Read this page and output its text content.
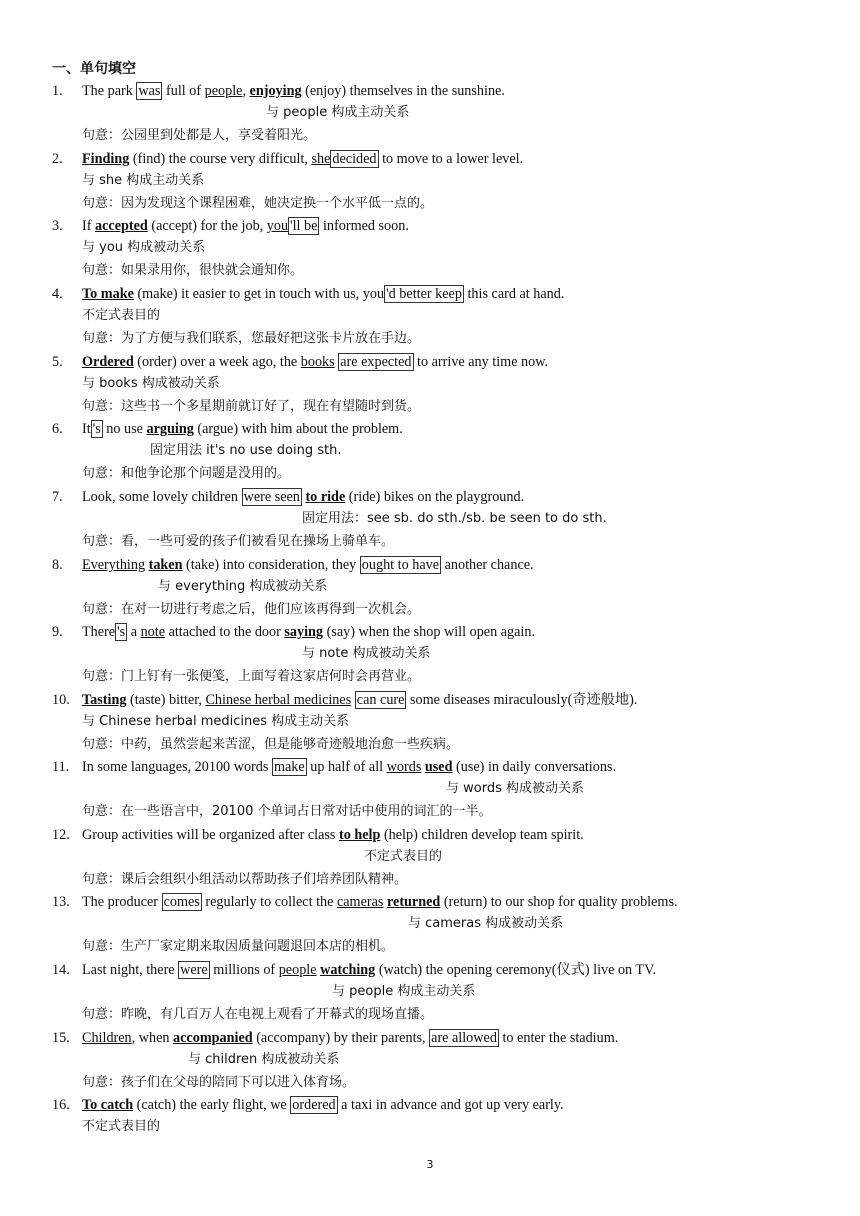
一、单句填空
1. The park was full of people, enjoying (enjoy) themselves in the sunshine.
与 people 构成主动关系
句意：公园里到处都是人，享受着阳光。
2. Finding (find) the course very difficult, she decided to move to a lower level.
与 she 构成主动关系
句意：因为发现这个课程困难，她决定换一个水平低一点的。
3. If accepted (accept) for the job, you 'll be informed soon.
与 you 构成被动关系
句意：如果录用你，很快就会通知你。
4. To make (make) it easier to get in touch with us, you 'd better keep this card at hand.
不定式表目的
句意：为了方便与我们联系，您最好把这张卡片放在手边。
5. Ordered (order) over a week ago, the books are expected to arrive any time now.
与 books 构成被动关系
句意：这些书一个多星期前就订好了，现在有望随时到货。
6. It 's no use arguing (argue) with him about the problem.
固定用法 it's no use doing sth.
句意：和他争论那个问题是没用的。
7. Look, some lovely children were seen to ride (ride) bikes on the playground.
固定用法：see sb. do sth./sb. be seen to do sth.
句意：看，一些可爱的孩子们被看见在操场上骑单车。
8. Everything taken (take) into consideration, they ought to have another chance.
与 everything 构成被动关系
句意：在对一切进行考虑之后，他们应该再得到一次机会。
9. There 's a note attached to the door saying (say) when the shop will open again.
与 note 构成被动关系
句意：门上钉有一张便笺，上面写着这家店何时会再营业。
10. Tasting (taste) bitter, Chinese herbal medicines can cure some diseases miraculously(奇迹般地).
与 Chinese herbal medicines 构成主动关系
句意：中药，虽然尝起来苦涩，但是能够奇迹般地治愈一些疾病。
11. In some languages, 20100 words make up half of all words used (use) in daily conversations.
与 words 构成被动关系
句意：在一些语言中，20100 个单词占日常对话中使用的词汇的一半。
12. Group activities will be organized after class to help (help) children develop team spirit.
不定式表目的
句意：课后会组织小组活动以帮助孩子们培养团队精神。
13. The producer comes regularly to collect the cameras returned (return) to our shop for quality problems.
与 cameras 构成被动关系
句意：生产厂家定期来取因质量问题退回本店的相机。
14. Last night, there were millions of people watching (watch) the opening ceremony(仪式) live on TV.
与 people 构成主动关系
句意：昨晚，有几百万人在电视上观看了开幕式的现场直播。
15. Children, when accompanied (accompany) by their parents, are allowed to enter the stadium.
与 children 构成被动关系
句意：孩子们在父母的陪同下可以进入体育场。
16. To catch (catch) the early flight, we ordered a taxi in advance and got up very early.
不定式表目的
3
